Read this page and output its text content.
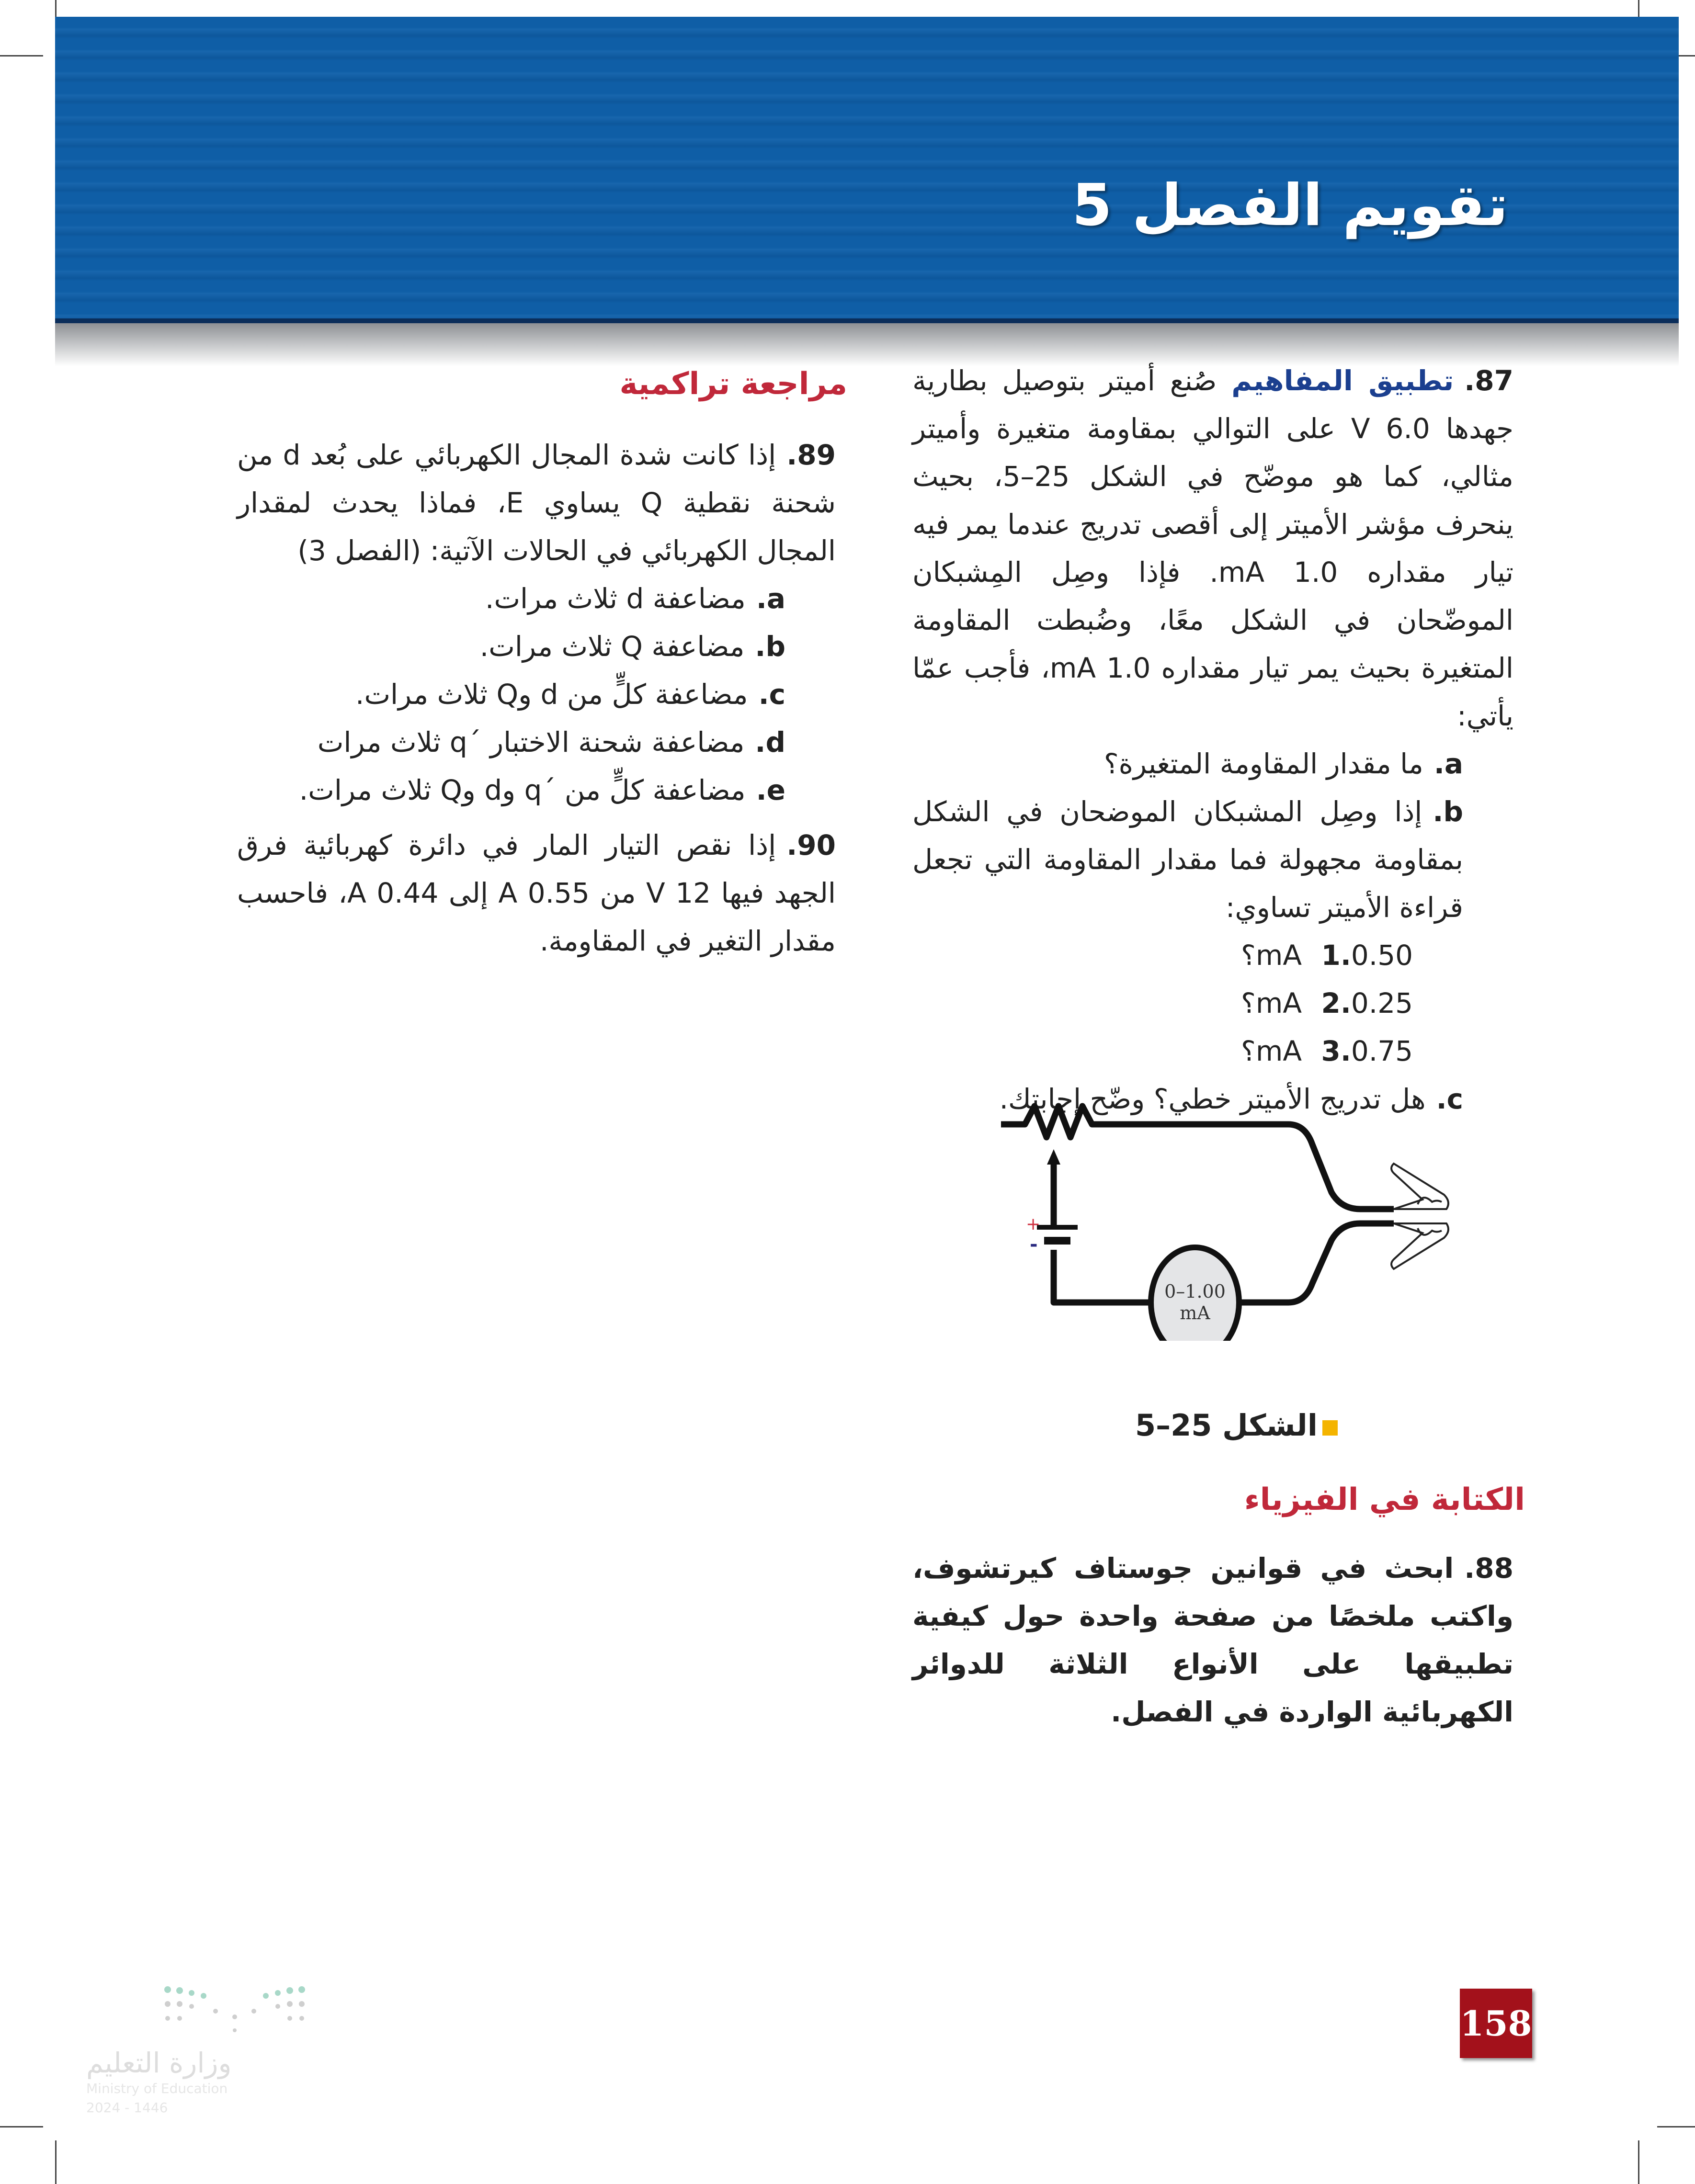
تقويم الفصل 5
87.تطبيق المفاهيم صُنع أميتر بتوصيل بطارية جهدها 6.0 V على التوالي بمقاومة متغيرة وأميتر مثالي، كما هو موضّح في الشكل 25–5، بحيث ينحرف مؤشر الأميتر إلى أقصى تدريج عندما يمر فيه تيار مقداره 1.0 mA. فإذا وصِل المِشبكان الموضّحان في الشكل معًا، وضُبطت المقاومة المتغيرة بحيث يمر تيار مقداره 1.0 mA، فأجب عمّا يأتي:
a.ما مقدار المقاومة المتغيرة؟
b.إذا وصِل المشبكان الموضحان في الشكل بمقاومة مجهولة فما مقدار المقاومة التي تجعل قراءة الأميتر تساوي:
1.0.50 mA؟
2.0.25 mA؟
3.0.75 mA؟
c.هل تدريج الأميتر خطي؟ وضّح إجابتك.
+
-
0–1.00
mA
الشكل 25–5
الكتابة في الفيزياء
88.ابحث في قوانين جوستاف كيرتشوف، واكتب ملخصًا من صفحة واحدة حول كيفية تطبيقها على الأنواع الثلاثة للدوائر الكهربائية الواردة في الفصل.
مراجعة تراكمية
89.إذا كانت شدة المجال الكهربائي على بُعد d من شحنة نقطية Q يساوي E، فماذا يحدث لمقدار المجال الكهربائي في الحالات الآتية: (الفصل 3)
a.مضاعفة d ثلاث مرات.
b.مضاعفة Q ثلاث مرات.
c.مضاعفة كلٍّ من d وQ ثلاث مرات.
d.مضاعفة شحنة الاختبار ´q ثلاث مرات
e.مضاعفة كلٍّ من ´q وd وQ ثلاث مرات.
90.إذا نقص التيار المار في دائرة كهربائية فرق الجهد فيها 12 V من 0.55 A إلى 0.44 A، فاحسب مقدار التغير في المقاومة.
وزارة التعليم
Ministry of Education
2024 - 1446
158
